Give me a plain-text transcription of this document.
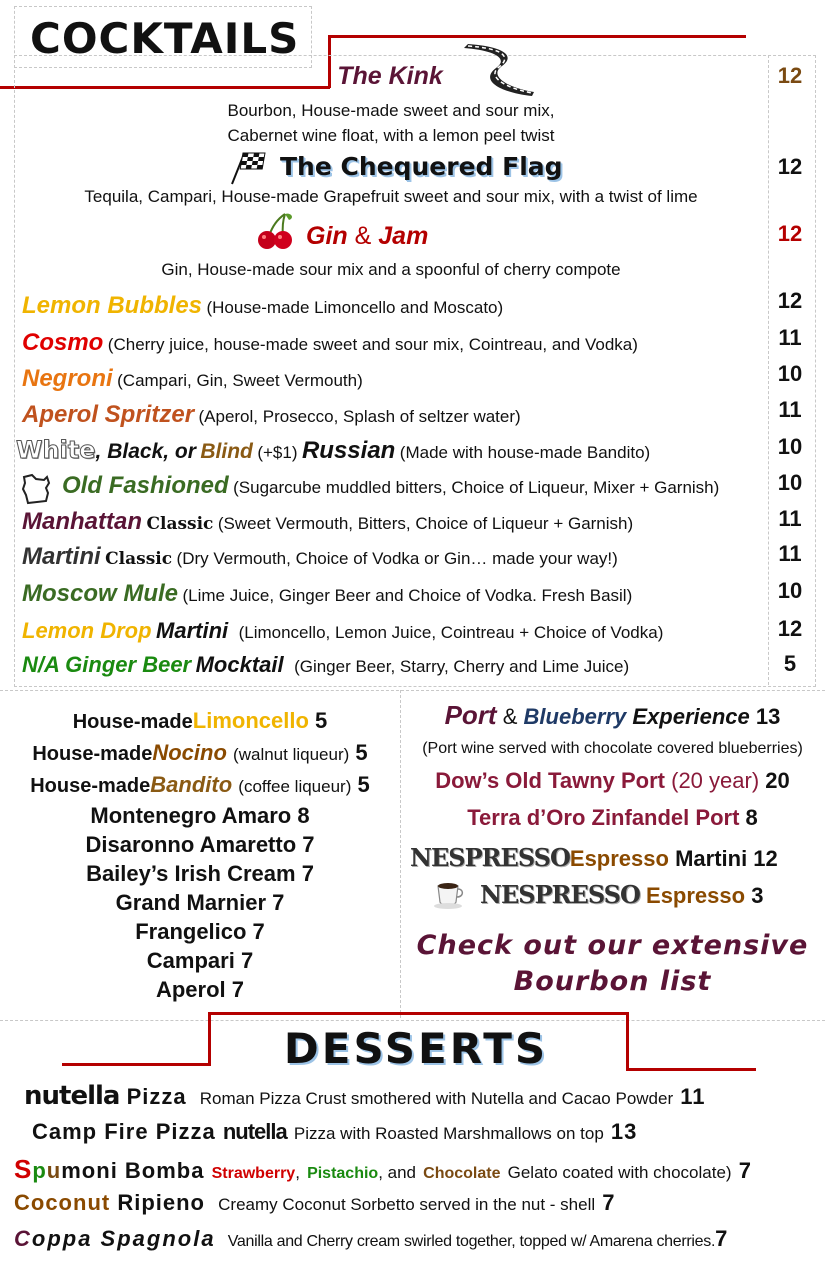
COCKTAILS
The Kink	12
Bourbon, House-made sweet and sour mix,
Cabernet wine float, with a lemon peel twist
The Chequered Flag	12
Tequila, Campari, House-made Grapefruit sweet and sour mix, with a twist of lime
Gin & Jam	12
Gin, House-made sour mix and a spoonful of cherry compote
Lemon Bubbles (House-made Limoncello and Moscato)	12
Cosmo (Cherry juice, house-made sweet and sour mix, Cointreau, and Vodka)	11
Negroni (Campari, Gin, Sweet Vermouth)	10
Aperol Spritzer (Aperol, Prosecco, Splash of seltzer water)	11
White, Black, or Blind (+$1) Russian (Made with house-made Bandito)	10
Old Fashioned (Sugarcube muddled bitters, Choice of Liqueur, Mixer + Garnish)	10
Manhattan Classic (Sweet Vermouth, Bitters, Choice of Liqueur + Garnish)	11
Martini Classic (Dry Vermouth, Choice of Vodka or Gin… made your way!)	11
Moscow Mule (Lime Juice, Ginger Beer and Choice of Vodka. Fresh Basil)	10
Lemon Drop Martini (Limoncello, Lemon Juice, Cointreau + Choice of Vodka)	12
N/A Ginger Beer Mocktail (Ginger Beer, Starry, Cherry and Lime Juice)	5
House-madeLimoncello 5
House-madeNocino (walnut liqueur) 5
House-madeBandito (coffee liqueur) 5
Montenegro Amaro 8
Disaronno Amaretto 7
Bailey’s Irish Cream 7
Grand Marnier 7
Frangelico 7
Campari 7
Aperol 7
Port & Blueberry Experience 13
(Port wine served with chocolate covered blueberries)
Dow’s Old Tawny Port (20 year) 20
Terra d’Oro Zinfandel Port 8
NESPRESSOEspresso Martini 12
NESPRESSO Espresso 3
Check out our extensive
Bourbon list
DESSERTS
nutella Pizza Roman Pizza Crust smothered with Nutella and Cacao Powder 11
Camp Fire Pizza nutella Pizza with Roasted Marshmallows on top 13
Spumoni Bomba Strawberry, Pistachio, and Chocolate Gelato coated with chocolate) 7
Coconut Ripieno Creamy Coconut Sorbetto served in the nut - shell 7
Coppa Spagnola Vanilla and Cherry cream swirled together, topped w/ Amarena cherries.7
